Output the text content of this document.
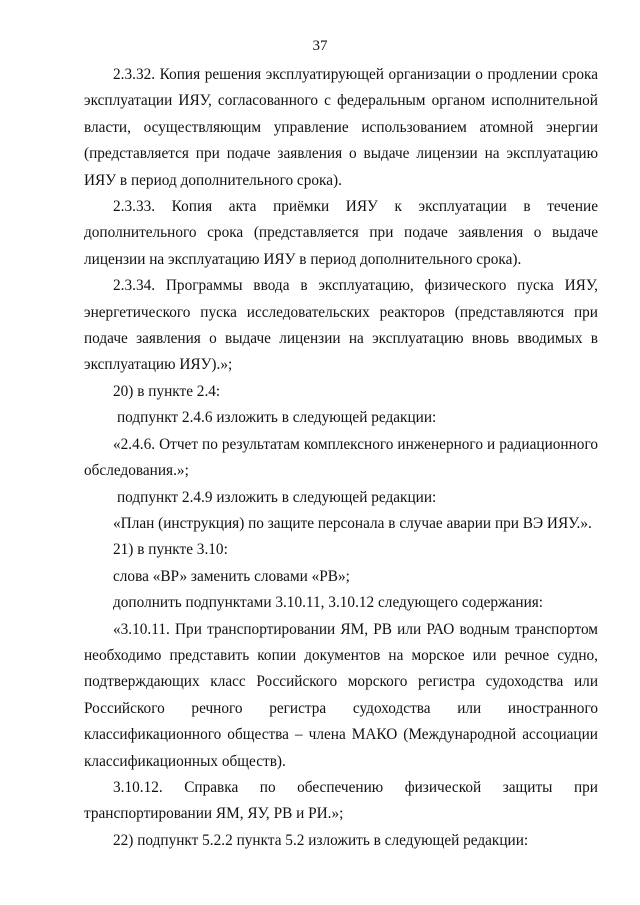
37

2.3.32. Копия решения эксплуатирующей организации о продлении срока эксплуатации ИЯУ, согласованного с федеральным органом исполнительной власти, осуществляющим управление использованием атомной энергии (представляется при подаче заявления о выдаче лицензии на эксплуатацию ИЯУ в период дополнительного срока).

2.3.33. Копия акта приёмки ИЯУ к эксплуатации в течение дополнительного срока (представляется при подаче заявления о выдаче лицензии на эксплуатацию ИЯУ в период дополнительного срока).

2.3.34. Программы ввода в эксплуатацию, физического пуска ИЯУ, энергетического пуска исследовательских реакторов (представляются при подаче заявления о выдаче лицензии на эксплуатацию вновь вводимых в эксплуатацию ИЯУ).»;

20) в пункте 2.4:

подпункт 2.4.6 изложить в следующей редакции:

«2.4.6. Отчет по результатам комплексного инженерного и радиационного обследования.»;

подпункт 2.4.9 изложить в следующей редакции:

«План (инструкция) по защите персонала в случае аварии при ВЭ ИЯУ.».

21) в пункте 3.10:

слова «ВР» заменить словами «РВ»;

дополнить подпунктами 3.10.11, 3.10.12 следующего содержания:

«3.10.11. При транспортировании ЯМ, РВ или РАО водным транспортом необходимо представить копии документов на морское или речное судно, подтверждающих класс Российского морского регистра судоходства или Российского речного регистра судоходства или иностранного классификационного общества – члена МАКО (Международной ассоциации классификационных обществ).

3.10.12. Справка по обеспечению физической защиты при транспортировании ЯМ, ЯУ, РВ и РИ.»;

22) подпункт 5.2.2 пункта 5.2 изложить в следующей редакции:
